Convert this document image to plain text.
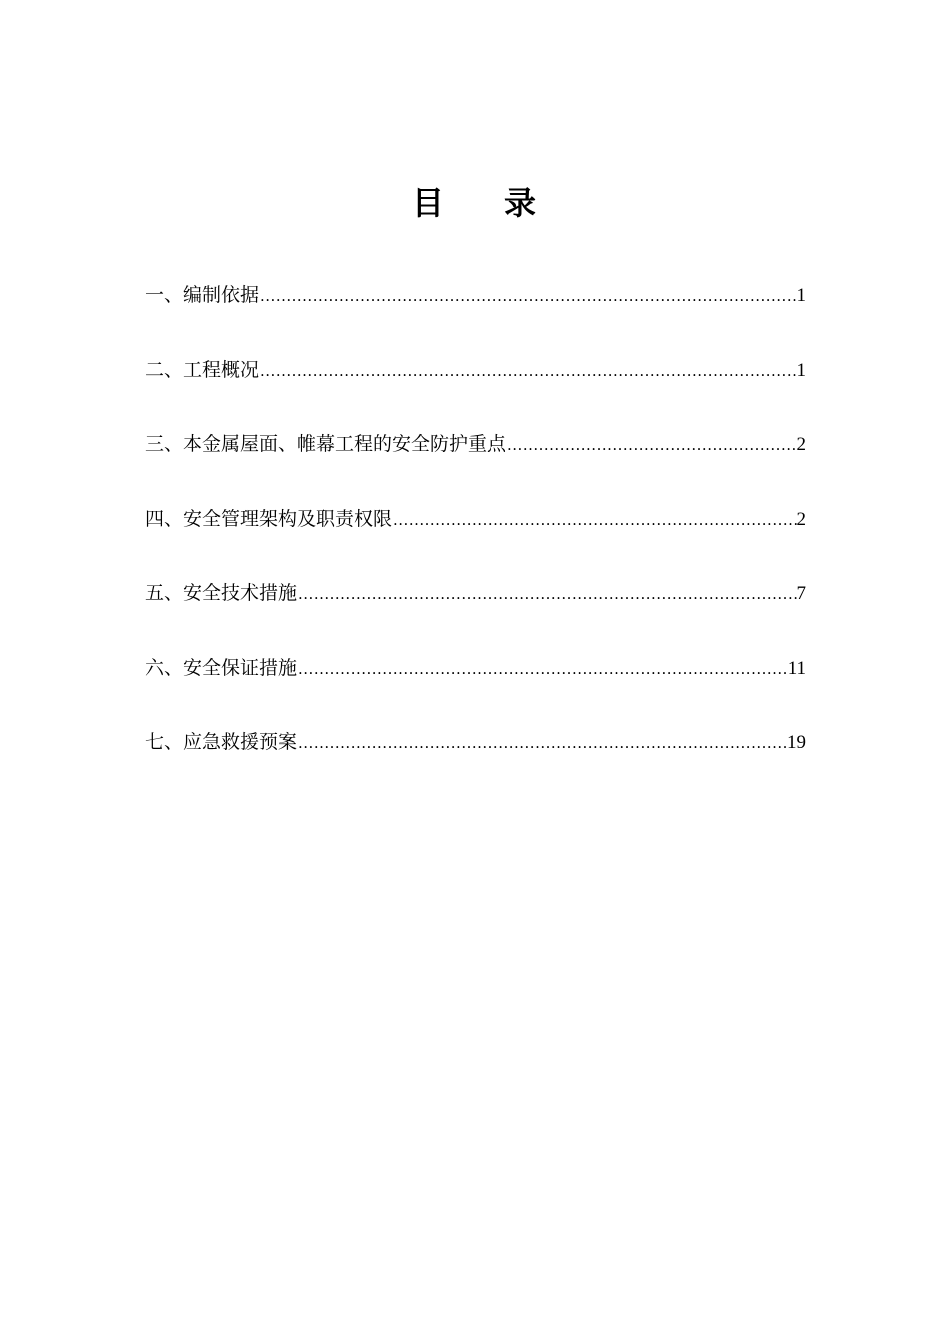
目 录
一、编制依据 .....	1
二、工程概况 .....	1
三、本金属屋面、帷幕工程的安全防护重点 .....	2
四、安全管理架构及职责权限 .....	2
五、安全技术措施 .....	7
六、安全保证措施 .....	11
七、应急救援预案 .....	19
